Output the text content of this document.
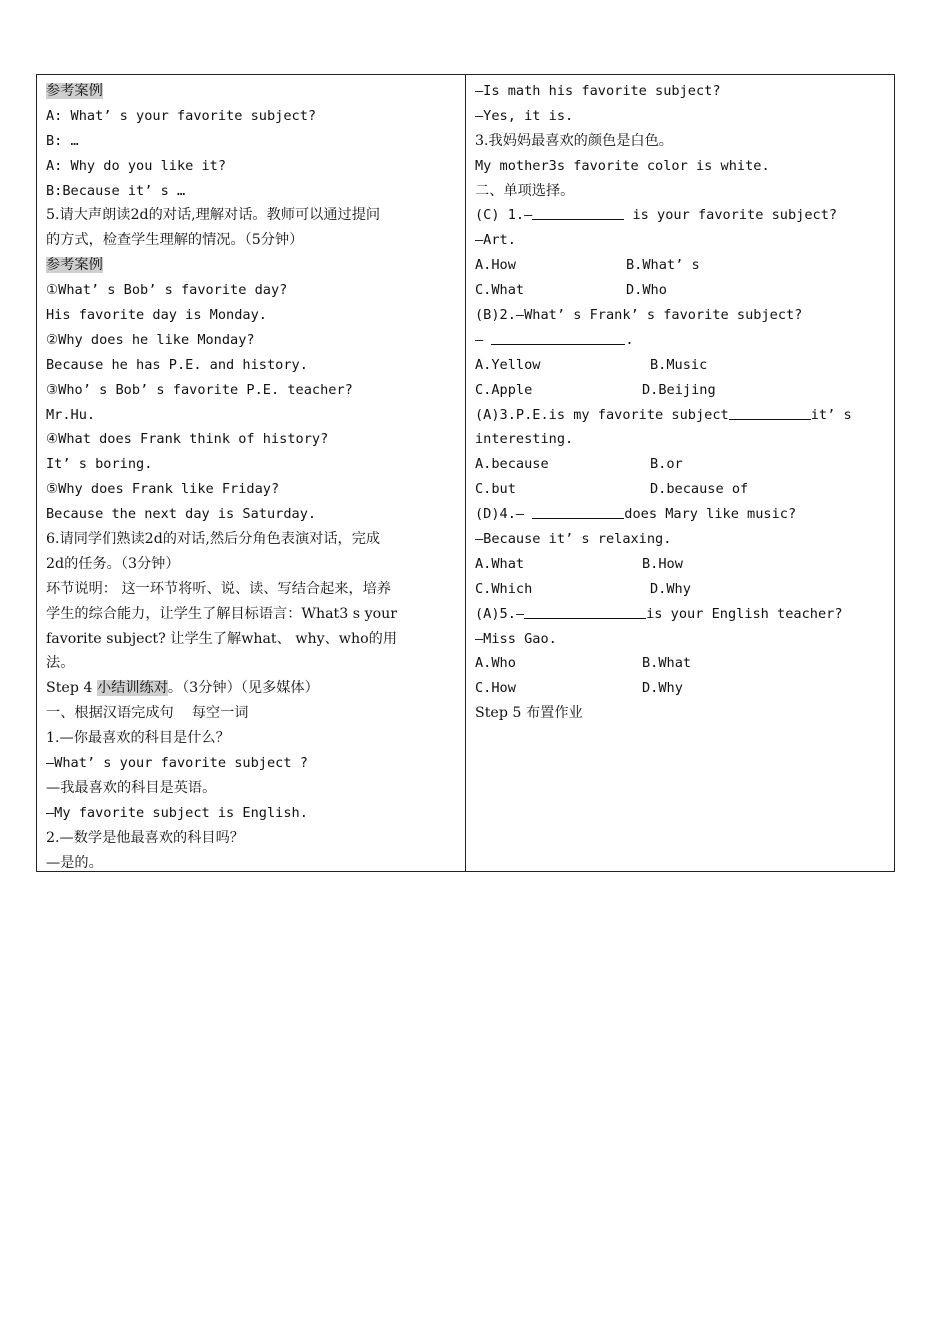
参考案例
A: What’ s your favorite subject?
B: …
A: Why do you like it?
B:Because it’ s …
5.请大声朗读2d的对话,理解对话。教师可以通过提问
的方式，检查学生理解的情况。（5分钟）
参考案例
①What’ s Bob’ s favorite day?
His favorite day is Monday.
②Why does he like Monday?
Because he has P.E. and history.
③Who’ s Bob’ s favorite P.E. teacher?
Mr.Hu.
④What does Frank think of history?
It’ s boring.
⑤Why does Frank like Friday?
Because the next day is Saturday.
6.请同学们熟读2d的对话,然后分角色表演对话，完成
2d的任务。（3分钟）
环节说明： 这一环节将听、说、读、写结合起来，培养
学生的综合能力，让学生了解目标语言：What3 s your
favorite subject? 让学生了解what、 why、who的用
法。
Step 4 小结训练对。（3分钟）（见多媒体）
一、根据汉语完成句    每空一词
1.—你最喜欢的科目是什么？
—What’ s your favorite subject ?
—我最喜欢的科目是英语。
—My favorite subject is English.
2.—数学是他最喜欢的科目吗？
—是的。
—Is math his favorite subject?
—Yes, it is.
3.我妈妈最喜欢的颜色是白色。
My mother3s favorite color is white.
二、单项选择。
(C) 1.—	is your favorite subject?
—Art.
A.How	B.What’ s
C.What	D.Who
(B)2.—What’ s Frank’ s favorite subject?
—	.
A.Yellow	B.Music
C.Apple	D.Beijing
(A)3.P.E.is my favorite subject	it’ s
interesting.
A.because	B.or
C.but	D.because of
(D)4.—	does Mary like music?
—Because it’ s relaxing.
A.What	B.How
C.Which	D.Why
(A)5.—	is your English teacher?
—Miss Gao.
A.Who	B.What
C.How	D.Why
Step 5 布置作业
